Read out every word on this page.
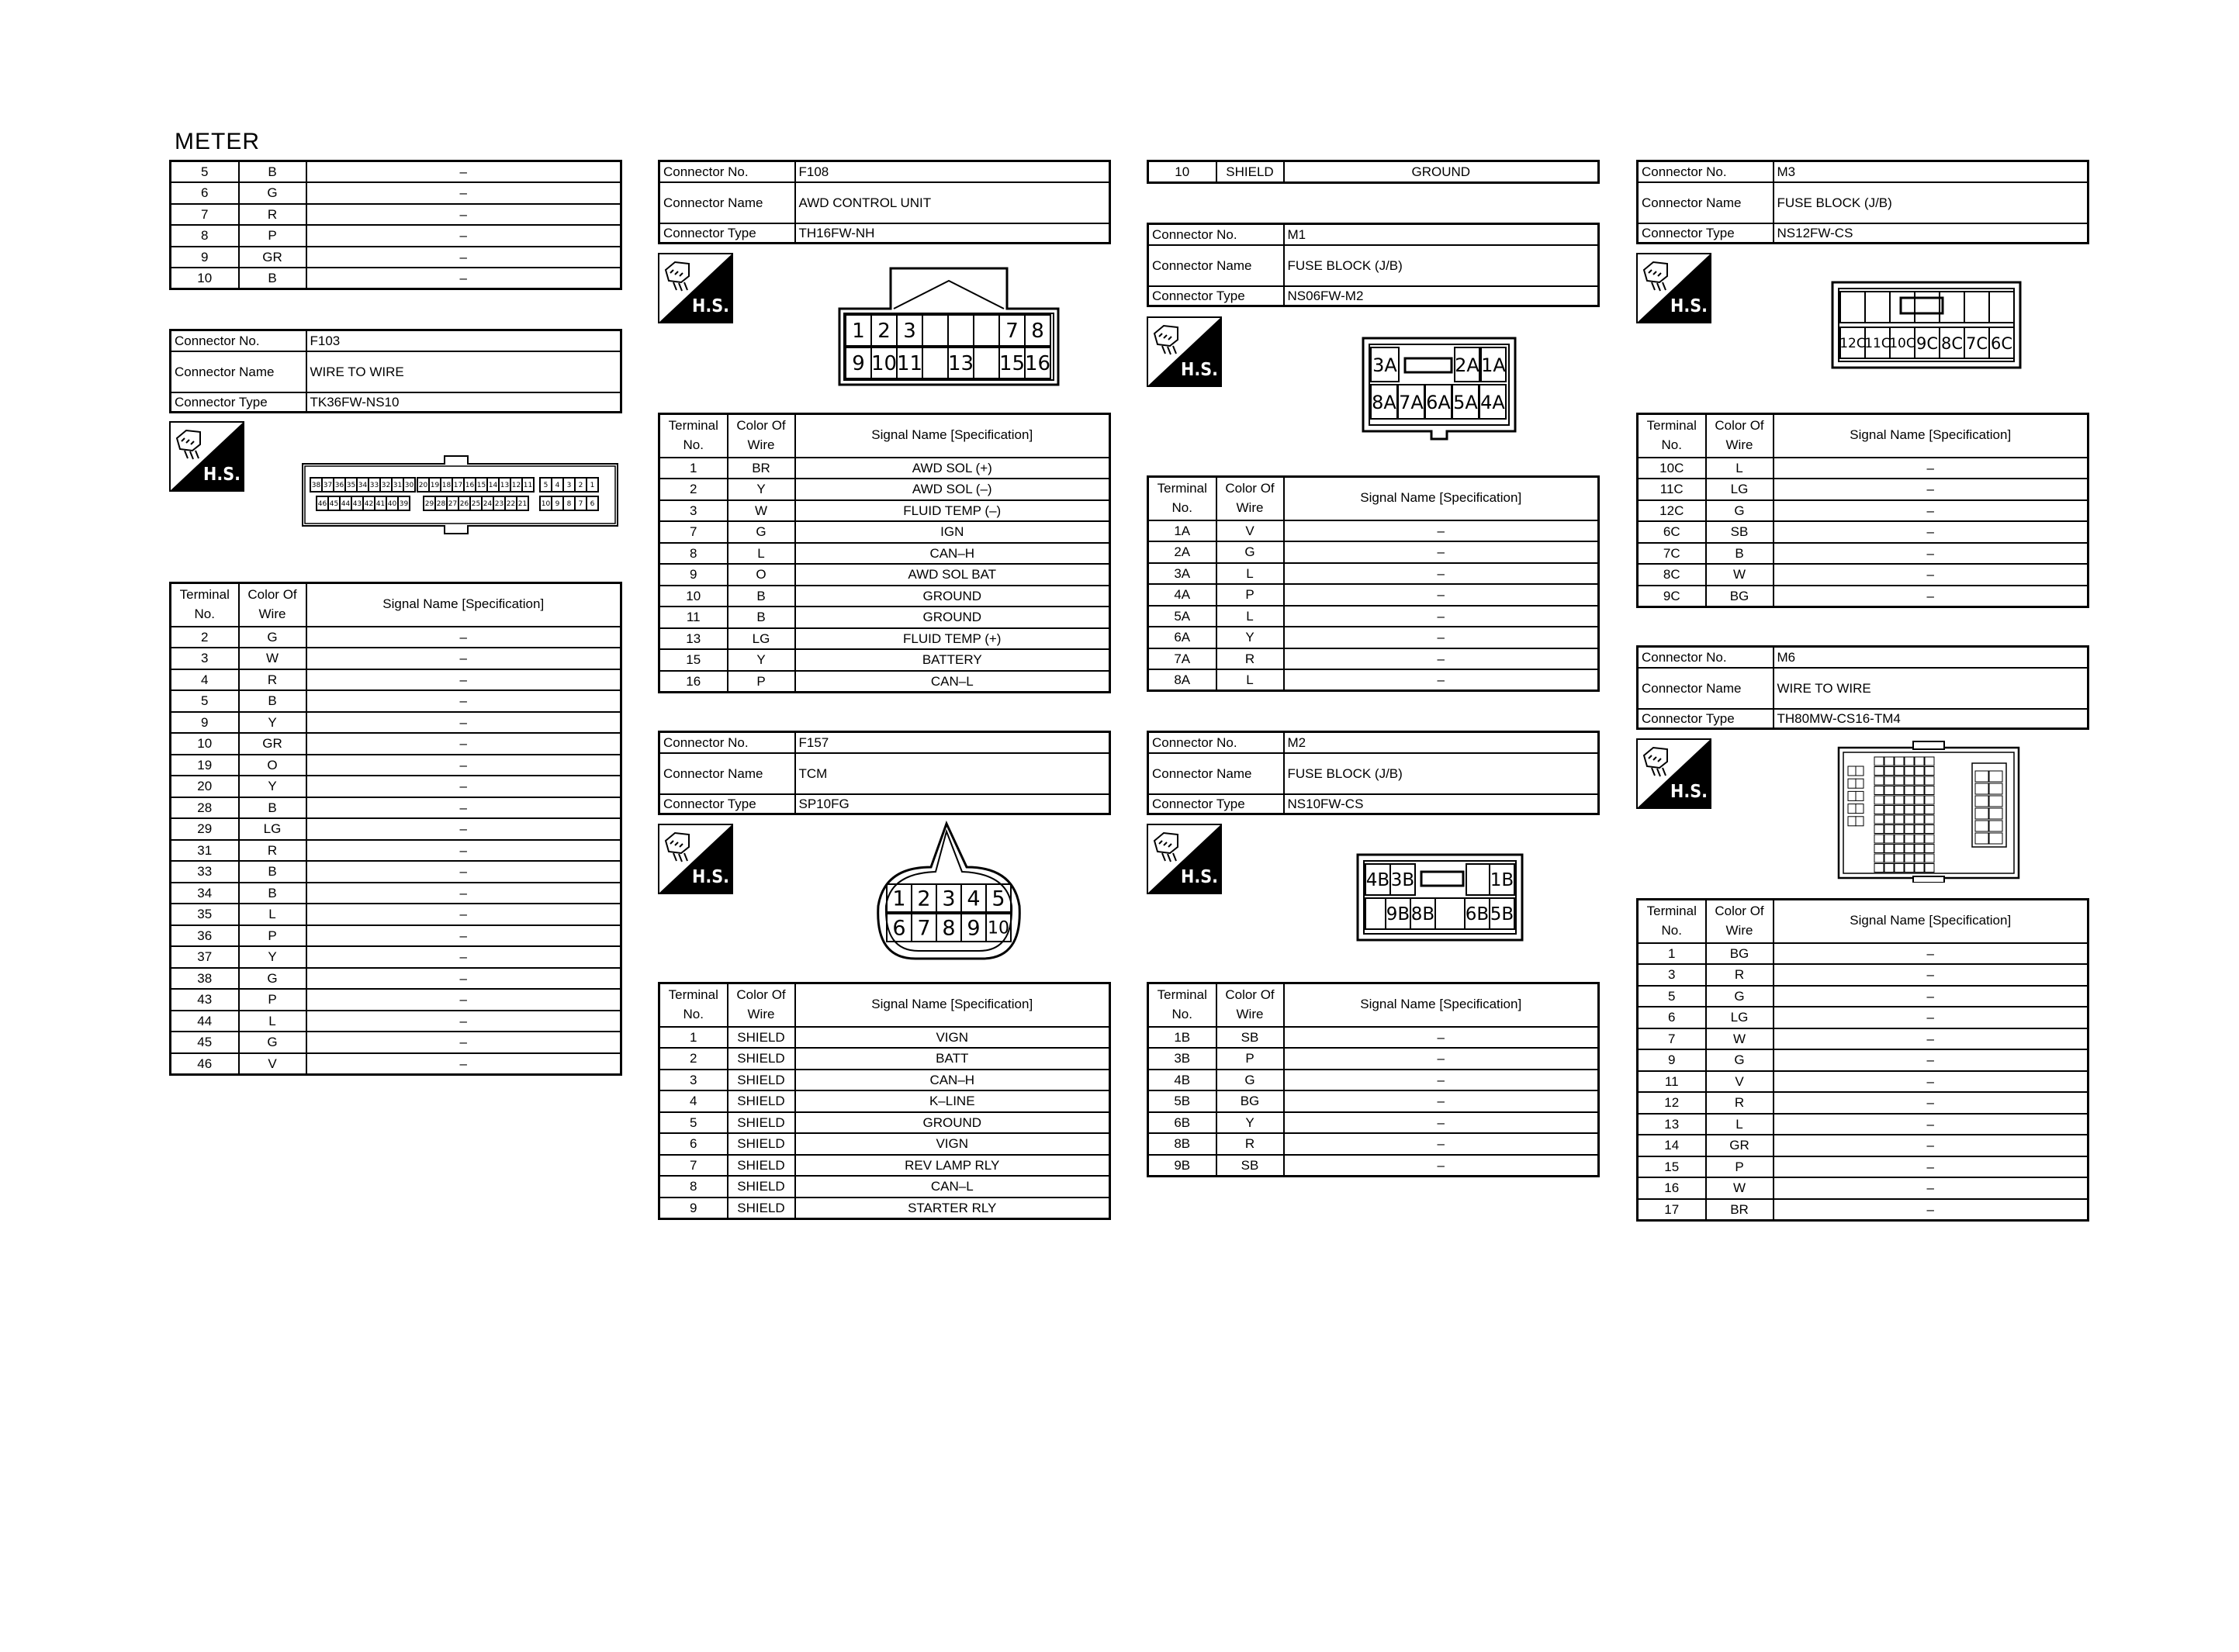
METER
5	B	–
6	G	–
7	R	–
8	P	–
9	GR	–
10	B	–
Connector No.	F103
Connector Name	WIRE TO WIRE
Connector Type	TK36FW-NS10
H.S.
38 37 36 35 34 33 32 31 30 20 19 18 17 16 15 14 13 12 11 5 4 3 2 1
46 45 44 43 42 41 40 39 29 28 27 26 25 24 23 22 21 10 9 8 7 6
Terminal No.	Color Of Wire	Signal Name [Specification]
2	G	–
3	W	–
4	R	–
5	B	–
9	Y	–
10	GR	–
19	O	–
20	Y	–
28	B	–
29	LG	–
31	R	–
33	B	–
34	B	–
35	L	–
36	P	–
37	Y	–
38	G	–
43	P	–
44	L	–
45	G	–
46	V	–
Connector No.	F108
Connector Name	AWD CONTROL UNIT
Connector Type	TH16FW-NH
H.S.
1 2 3	7 8
9 10 11 13 15 16
Terminal No.	Color Of Wire	Signal Name [Specification]
1	BR	AWD SOL (+)
2	Y	AWD SOL (–)
3	W	FLUID TEMP (–)
7	G	IGN
8	L	CAN–H
9	O	AWD SOL BAT
10	B	GROUND
11	B	GROUND
13	LG	FLUID TEMP (+)
15	Y	BATTERY
16	P	CAN–L
Connector No.	F157
Connector Name	TCM
Connector Type	SP10FG
H.S.
1 2 3 4 5
6 7 8 9 10
Terminal No.	Color Of Wire	Signal Name [Specification]
1	SHIELD	VIGN
2	SHIELD	BATT
3	SHIELD	CAN–H
4	SHIELD	K–LINE
5	SHIELD	GROUND
6	SHIELD	VIGN
7	SHIELD	REV LAMP RLY
8	SHIELD	CAN–L
9	SHIELD	STARTER RLY
10	SHIELD	GROUND
Connector No.	M1
Connector Name	FUSE BLOCK (J/B)
Connector Type	NS06FW-M2
H.S.	3A	2A 1A
8A 7A 6A 5A 4A
Terminal No.	Color Of Wire	Signal Name [Specification]
1A	V	–
2A	G	–
3A	L	–
4A	P	–
5A	L	–
6A	Y	–
7A	R	–
8A	L	–
Connector No.	M2
Connector Name	FUSE BLOCK (J/B)
Connector Type	NS10FW-CS
H.S.	4B 3B	1B
9B 8B 6B 5B
Terminal No.	Color Of Wire	Signal Name [Specification]
1B	SB	–
3B	P	–
4B	G	–
5B	BG	–
6B	Y	–
8B	R	–
9B	SB	–
Connector No.	M3
Connector Name	FUSE BLOCK (J/B)
Connector Type	NS12FW-CS
H.S.
12C
11C
10C 9C 8C 7C 6C
Terminal No.	Color Of Wire	Signal Name [Specification]
10C	L	–
11C	LG	–
12C	G	–
6C	SB	–
7C	B	–
8C	W	–
9C	BG	–
Connector No.	M6
Connector Name	WIRE TO WIRE
Connector Type	TH80MW-CS16-TM4
H.S.
Terminal No.	Color Of Wire	Signal Name [Specification]
1	BG	–
3	R	–
5	G	–
6	LG	–
7	W	–
9	G	–
11	V	–
12	R	–
13	L	–
14	GR	–
15	P	–
16	W	–
17	BR	–
